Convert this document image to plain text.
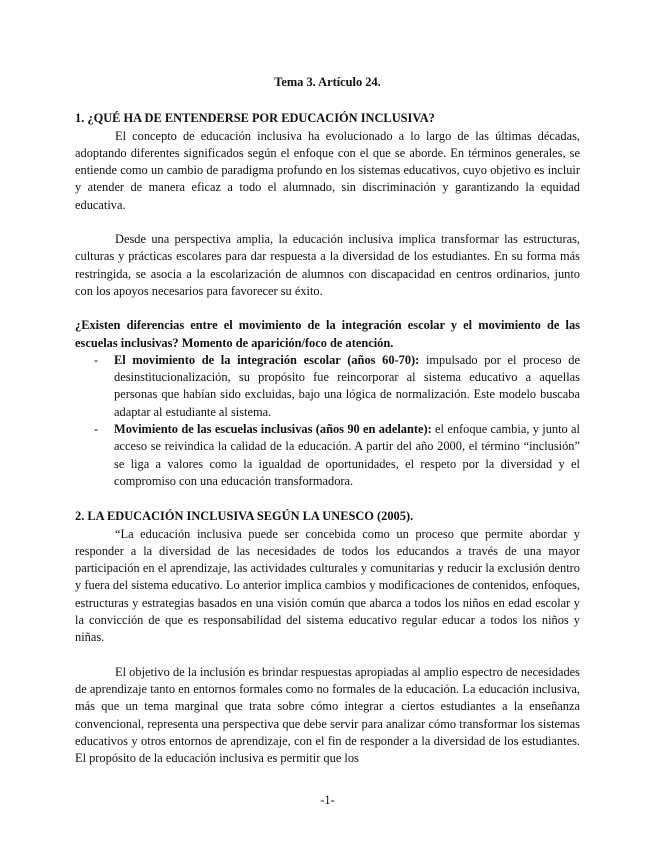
Tema 3. Artículo 24.
1. ¿QUÉ HA DE ENTENDERSE POR EDUCACIÓN INCLUSIVA?

El concepto de educación inclusiva ha evolucionado a lo largo de las últimas décadas, adoptando diferentes significados según el enfoque con el que se aborde. En términos generales, se entiende como un cambio de paradigma profundo en los sistemas educativos, cuyo objetivo es incluir y atender de manera eficaz a todo el alumnado, sin discriminación y garantizando la equidad educativa.

Desde una perspectiva amplia, la educación inclusiva implica transformar las estructuras, culturas y prácticas escolares para dar respuesta a la diversidad de los estudiantes. En su forma más restringida, se asocia a la escolarización de alumnos con discapacidad en centros ordinarios, junto con los apoyos necesarios para favorecer su éxito.

¿Existen diferencias entre el movimiento de la integración escolar y el movimiento de las escuelas inclusivas? Momento de aparición/foco de atención.
- El movimiento de la integración escolar (años 60-70): impulsado por el proceso de desinstitucionalización, su propósito fue reincorporar al sistema educativo a aquellas personas que habían sido excluidas, bajo una lógica de normalización. Este modelo buscaba adaptar al estudiante al sistema.
- Movimiento de las escuelas inclusivas (años 90 en adelante): el enfoque cambia, y junto al acceso se reivindica la calidad de la educación. A partir del año 2000, el término “inclusión” se liga a valores como la igualdad de oportunidades, el respeto por la diversidad y el compromiso con una educación transformadora.
2. LA EDUCACIÓN INCLUSIVA SEGÚN LA UNESCO (2005).

“La educación inclusiva puede ser concebida como un proceso que permite abordar y responder a la diversidad de las necesidades de todos los educandos a través de una mayor participación en el aprendizaje, las actividades culturales y comunitarias y reducir la exclusión dentro y fuera del sistema educativo. Lo anterior implica cambios y modificaciones de contenidos, enfoques, estructuras y estrategias basados en una visión común que abarca a todos los niños en edad escolar y la convicción de que es responsabilidad del sistema educativo regular educar a todos los niños y niñas.

El objetivo de la inclusión es brindar respuestas apropiadas al amplio espectro de necesidades de aprendizaje tanto en entornos formales como no formales de la educación. La educación inclusiva, más que un tema marginal que trata sobre cómo integrar a ciertos estudiantes a la enseñanza convencional, representa una perspectiva que debe servir para analizar cómo transformar los sistemas educativos y otros entornos de aprendizaje, con el fin de responder a la diversidad de los estudiantes. El propósito de la educación inclusiva es permitir que los

-1-
